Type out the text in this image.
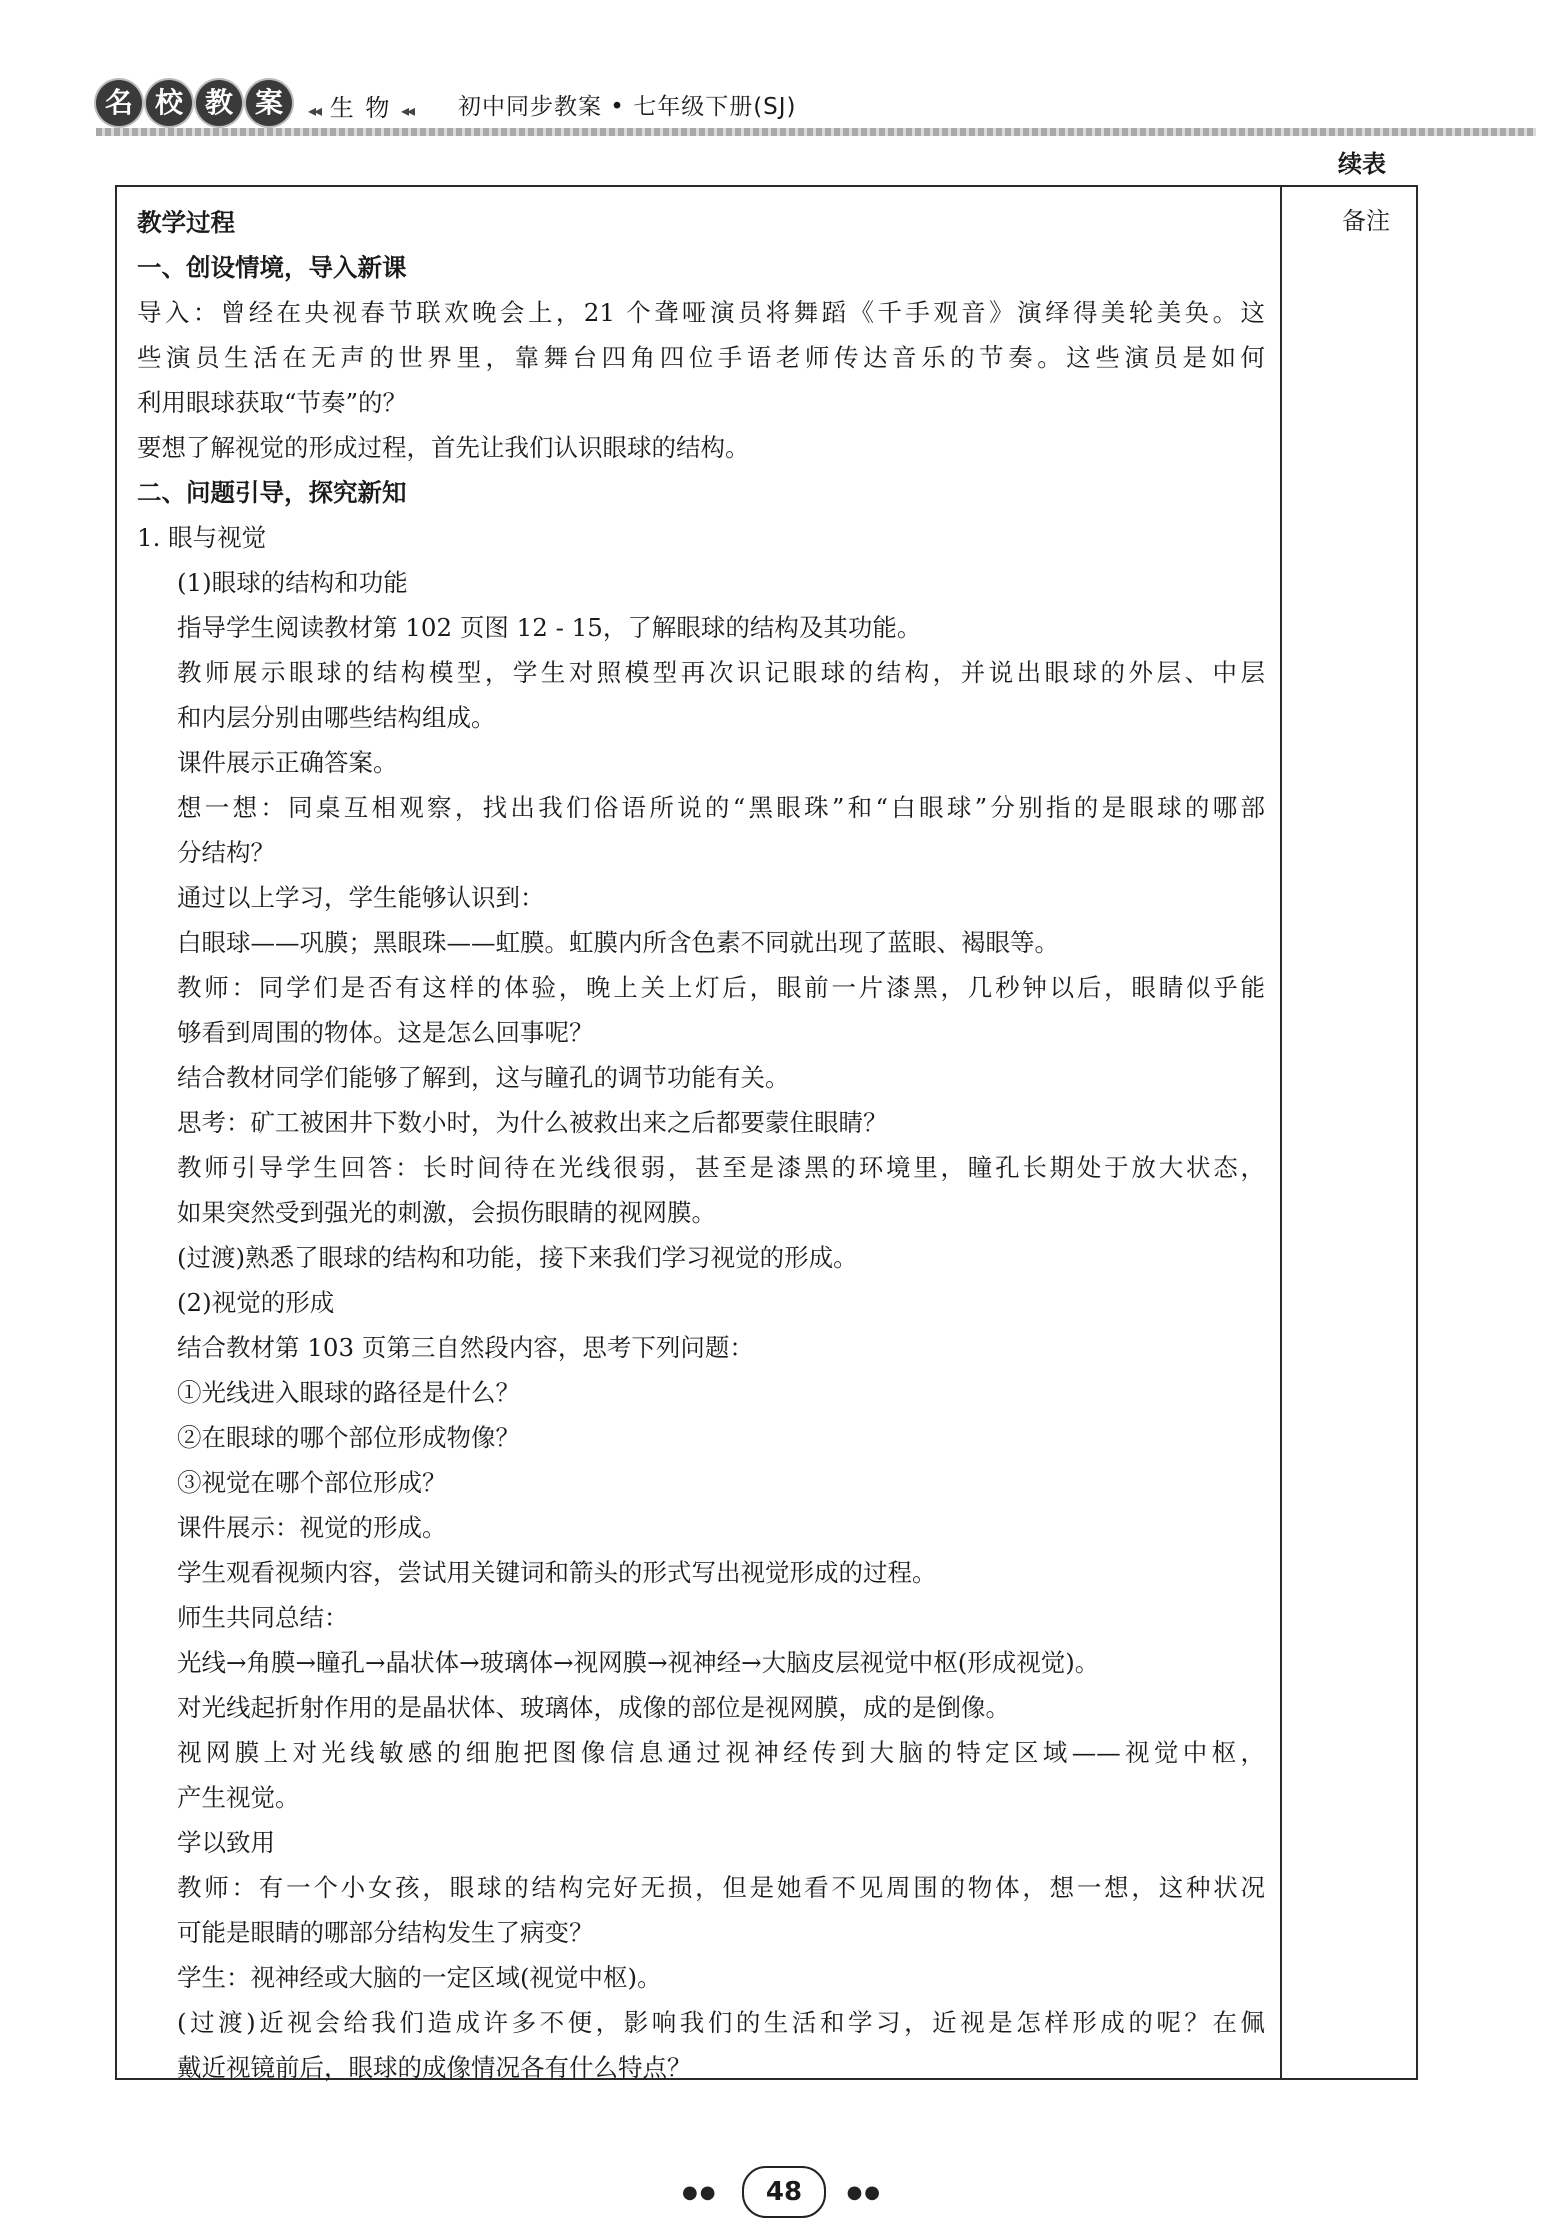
名 校 教 案	◂◂ 生 物 ◂◂ 初中同步教案 • 七年级下册(SJ)
续表
备注
教学过程
一、创设情境，导入新课
导入：曾经在央视春节联欢晚会上，21 个聋哑演员将舞蹈《千手观音》演绎得美轮美奂。这
些演员生活在无声的世界里，靠舞台四角四位手语老师传达音乐的节奏。这些演员是如何
利用眼球获取“节奏”的？
要想了解视觉的形成过程，首先让我们认识眼球的结构。
二、问题引导，探究新知
1. 眼与视觉
(1)眼球的结构和功能
指导学生阅读教材第 102 页图 12 - 15，了解眼球的结构及其功能。
教师展示眼球的结构模型，学生对照模型再次识记眼球的结构，并说出眼球的外层、中层
和内层分别由哪些结构组成。
课件展示正确答案。
想一想：同桌互相观察，找出我们俗语所说的“黑眼珠”和“白眼球”分别指的是眼球的哪部
分结构？
通过以上学习，学生能够认识到：
白眼球——巩膜；黑眼珠——虹膜。虹膜内所含色素不同就出现了蓝眼、褐眼等。
教师：同学们是否有这样的体验，晚上关上灯后，眼前一片漆黑，几秒钟以后，眼睛似乎能
够看到周围的物体。这是怎么回事呢？
结合教材同学们能够了解到，这与瞳孔的调节功能有关。
思考：矿工被困井下数小时，为什么被救出来之后都要蒙住眼睛？
教师引导学生回答：长时间待在光线很弱，甚至是漆黑的环境里，瞳孔长期处于放大状态，
如果突然受到强光的刺激，会损伤眼睛的视网膜。
(过渡)熟悉了眼球的结构和功能，接下来我们学习视觉的形成。
(2)视觉的形成
结合教材第 103 页第三自然段内容，思考下列问题：
①光线进入眼球的路径是什么？
②在眼球的哪个部位形成物像？
③视觉在哪个部位形成？
课件展示：视觉的形成。
学生观看视频内容，尝试用关键词和箭头的形式写出视觉形成的过程。
师生共同总结：
光线→角膜→瞳孔→晶状体→玻璃体→视网膜→视神经→大脑皮层视觉中枢(形成视觉)。
对光线起折射作用的是晶状体、玻璃体，成像的部位是视网膜，成的是倒像。
视网膜上对光线敏感的细胞把图像信息通过视神经传到大脑的特定区域——视觉中枢，
产生视觉。
学以致用
教师：有一个小女孩，眼球的结构完好无损，但是她看不见周围的物体，想一想，这种状况
可能是眼睛的哪部分结构发生了病变？
学生：视神经或大脑的一定区域(视觉中枢)。
(过渡)近视会给我们造成许多不便，影响我们的生活和学习，近视是怎样形成的呢？在佩
戴近视镜前后，眼球的成像情况各有什么特点？
●●	48	●●
